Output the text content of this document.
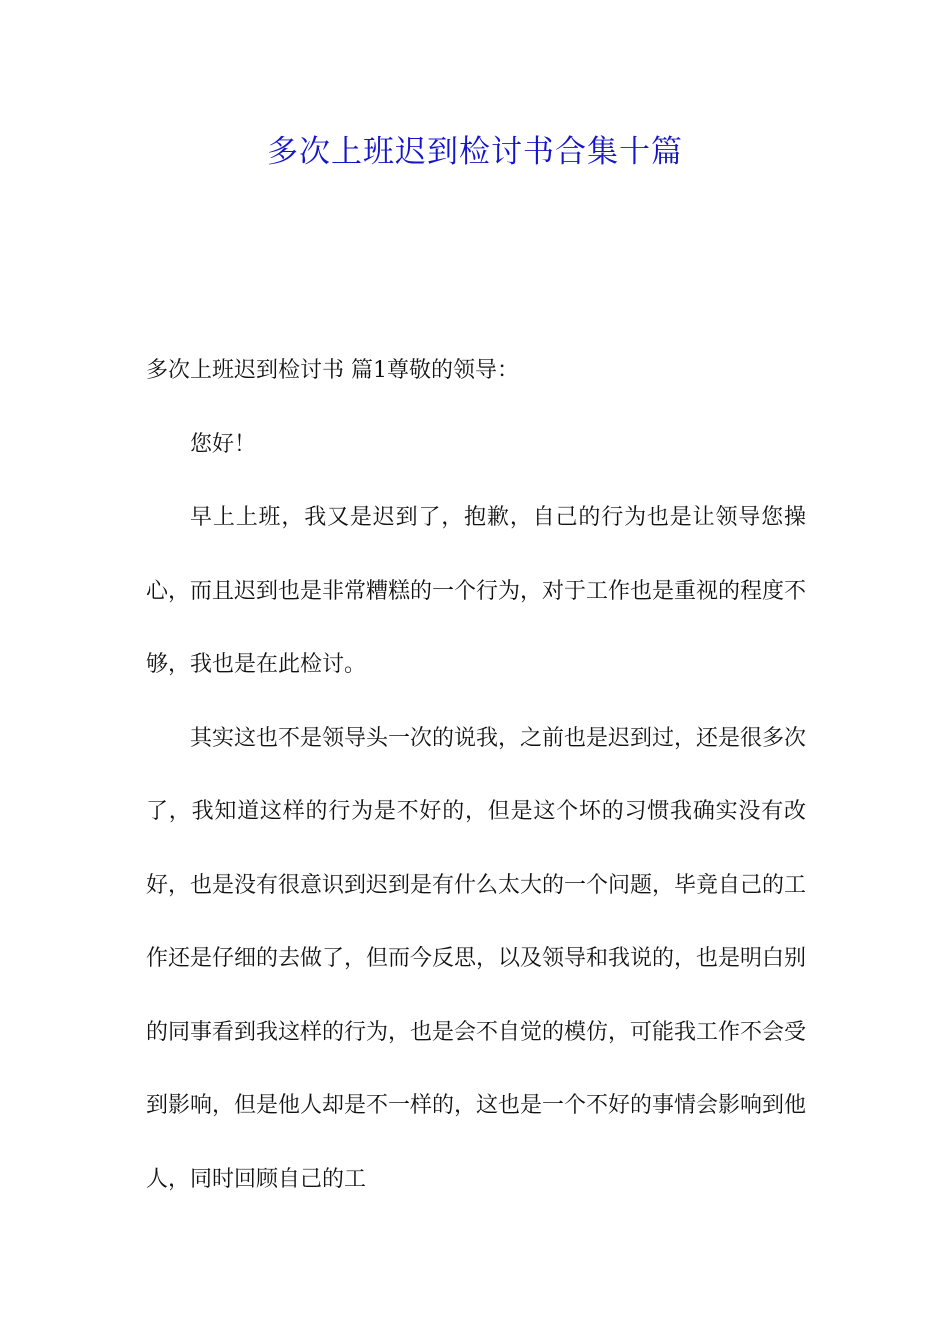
多次上班迟到检讨书合集十篇

多次上班迟到检讨书 篇1尊敬的领导：

您好！

早上上班，我又是迟到了，抱歉，自己的行为也是让领导您操心，而且迟到也是非常糟糕的一个行为，对于工作也是重视的程度不够，我也是在此检讨。

其实这也不是领导头一次的说我，之前也是迟到过，还是很多次了，我知道这样的行为是不好的，但是这个坏的习惯我确实没有改好，也是没有很意识到迟到是有什么太大的一个问题，毕竟自己的工作还是仔细的去做了，但而今反思，以及领导和我说的，也是明白别的同事看到我这样的行为，也是会不自觉的模仿，可能我工作不会受到影响，但是他人却是不一样的，这也是一个不好的事情会影响到他人，同时回顾自己的工
